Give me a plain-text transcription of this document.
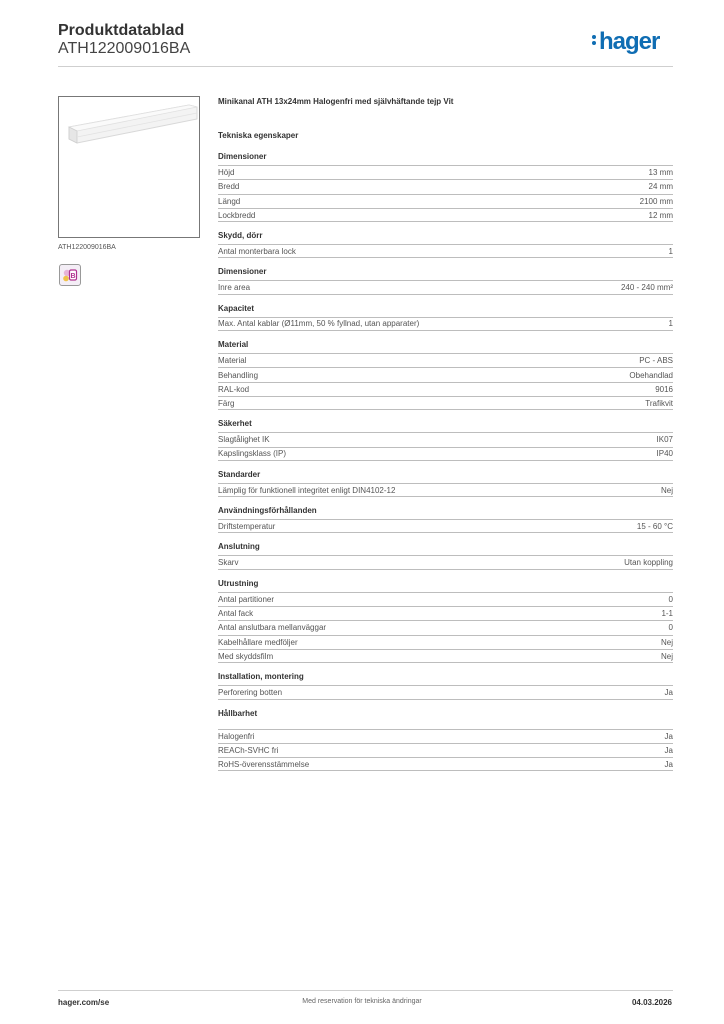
Produktdatablad
ATH122009016BA	hager
ATH122009016BA
B
Minikanal ATH 13x24mm Halogenfri med självhäftande tejp Vit
Tekniska egenskaper
Dimensioner
Höjd	13 mm
Bredd	24 mm
Längd	2100 mm
Lockbredd	12 mm
Skydd, dörr
Antal monterbara lock	1
Dimensioner
Inre area	240 - 240 mm²
Kapacitet
Max. Antal kablar (Ø11mm, 50 % fyllnad, utan apparater)	1
Material
Material	PC - ABS
Behandling	Obehandlad
RAL-kod	9016
Färg	Trafikvit
Säkerhet
Slagtålighet IK	IK07
Kapslingsklass (IP)	IP40
Standarder
Lämplig för funktionell integritet enligt DIN4102-12	Nej
Användningsförhållanden
Driftstemperatur	15 - 60 °C
Anslutning
Skarv	Utan koppling
Utrustning
Antal partitioner	0
Antal fack	1-1
Antal anslutbara mellanväggar	0
Kabelhållare medföljer	Nej
Med skyddsfilm	Nej
Installation, montering
Perforering botten	Ja
Hållbarhet
Halogenfri	Ja
REACh-SVHC fri	Ja
RoHS-överensstämmelse	Ja
hager.com/se	Med reservation för tekniska ändringar	04.03.2026
